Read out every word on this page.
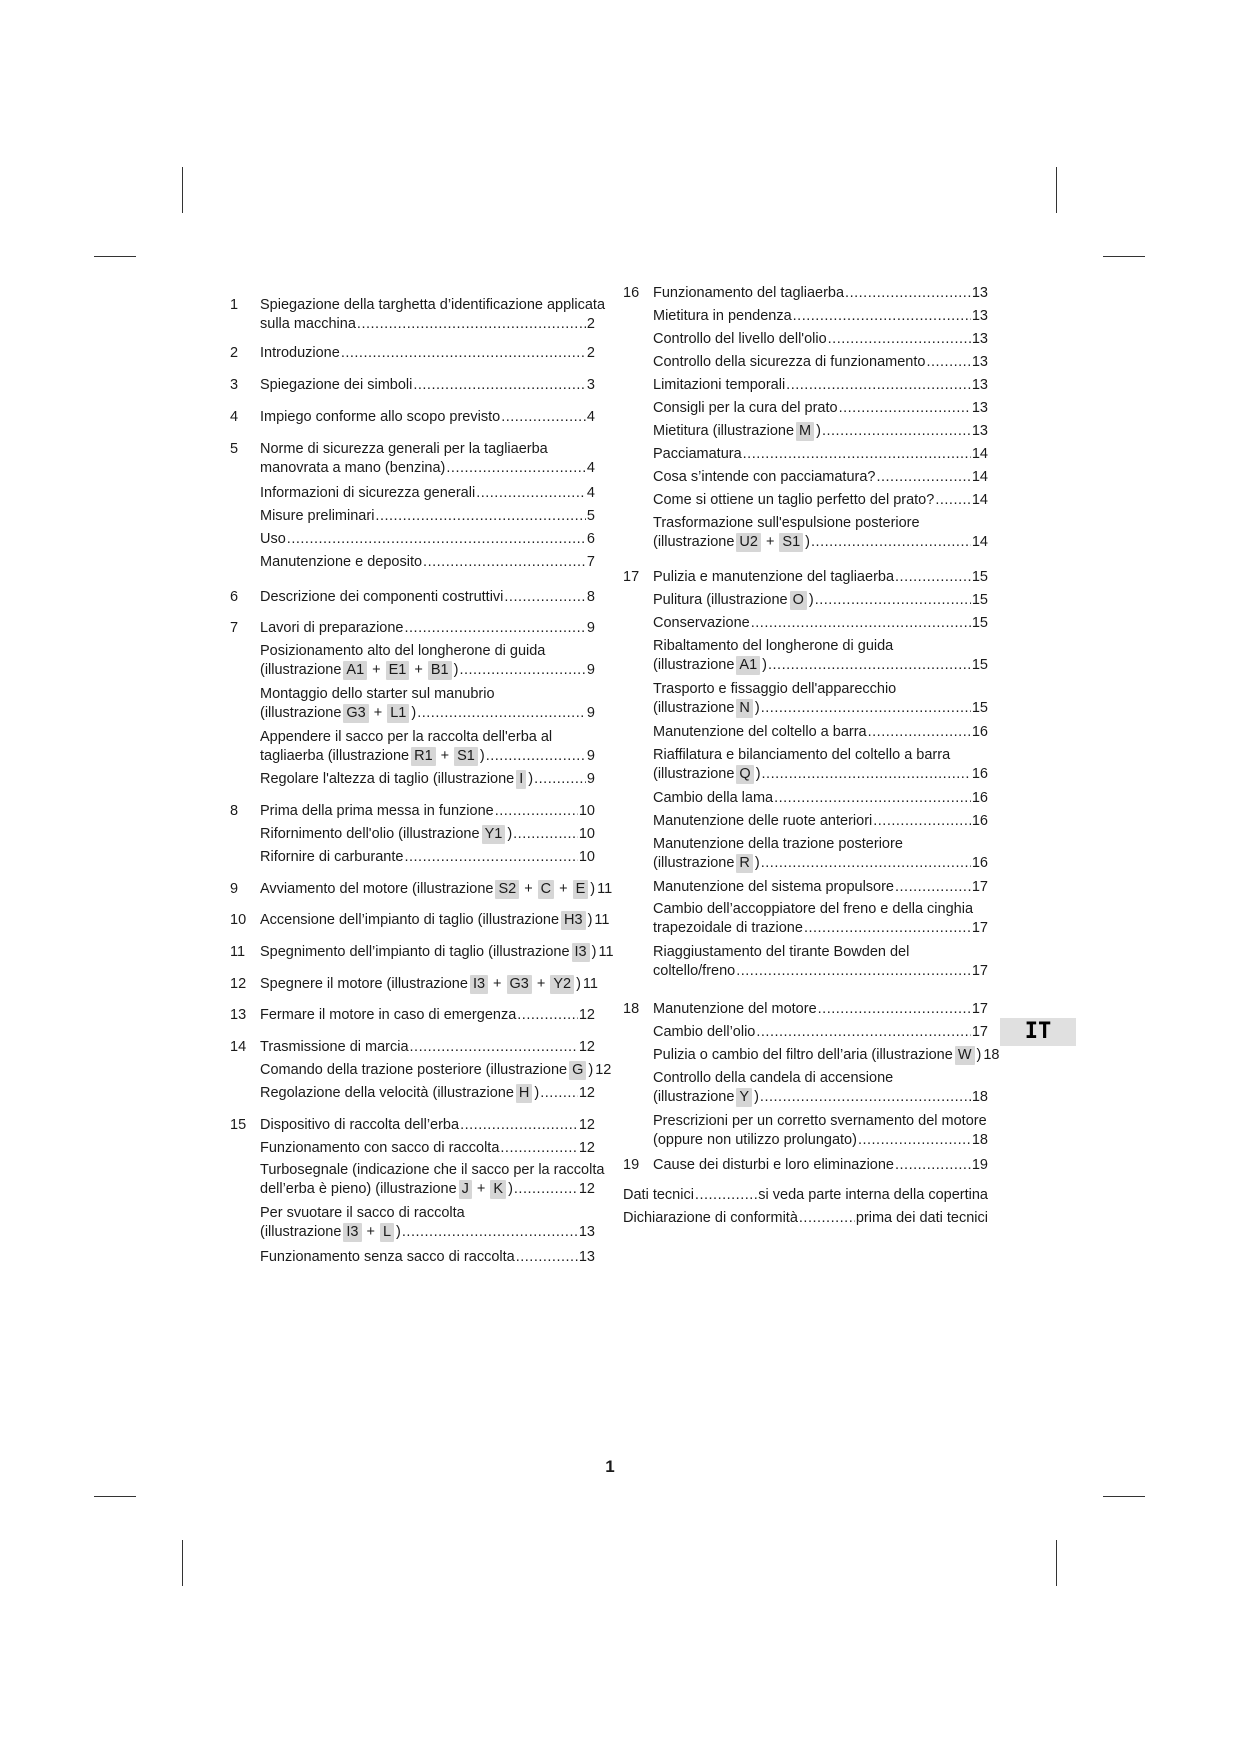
1	Spiegazione della targhetta d’identificazione applicata
sulla macchina .....	2
2	Introduzione .....	2
3	Spiegazione dei simboli .....	3
4	Impiego conforme allo scopo previsto .....	4
5	Norme di sicurezza generali per la tagliaerba
manovrata a mano (benzina) .....	4
Informazioni di sicurezza generali .....	4
Misure preliminari .....	5
Uso .....	6
Manutenzione e deposito .....	7
6	Descrizione dei componenti costruttivi .....	8
7	Lavori di preparazione .....	9
Posizionamento alto del longherone di guida
(illustrazione A1 + E1 + B1 ) .....	9
Montaggio dello starter sul manubrio
(illustrazione G3 + L1 ) .....	9
Appendere il sacco per la raccolta dell'erba al
tagliaerba (illustrazione R1 + S1 ) .....	9
Regolare l'altezza di taglio (illustrazione I ) .....	9
8	Prima della prima messa in funzione .....	10
Rifornimento dell'olio (illustrazione Y1 ) .....	10
Rifornire di carburante .....	10
9	Avviamento del motore (illustrazione S2 + C + E ) 11
10 Accensione dell’impianto di taglio (illustrazione H3 ) 11
11	Spegnimento dell’impianto di taglio (illustrazione I3 ) 11
12 Spegnere il motore (illustrazione I3 + G3 + Y2 ) 11
13 Fermare il motore in caso di emergenza .....	12
14 Trasmissione di marcia .....	12
Comando della trazione posteriore (illustrazione G ) 12
Regolazione della velocità (illustrazione H ) .....	12
15 Dispositivo di raccolta dell’erba .....	12
Funzionamento con sacco di raccolta .....	12
Turbosegnale (indicazione che il sacco per la raccolta
dell’erba è pieno) (illustrazione J + K ) .....	12
Per svuotare il sacco di raccolta
(illustrazione I3 + L ) .....	13
Funzionamento senza sacco di raccolta .....	13
16 Funzionamento del tagliaerba .....	13
Mietitura in pendenza .....	13
Controllo del livello dell'olio .....	13
Controllo della sicurezza di funzionamento .....	13
Limitazioni temporali .....	13
Consigli per la cura del prato .....	13
Mietitura (illustrazione M ) .....	13
Pacciamatura .....	14
Cosa s’intende con pacciamatura? .....	14
Come si ottiene un taglio perfetto del prato? .....	14
Trasformazione sull'espulsione posteriore
(illustrazione U2 + S1 ) .....	14
17 Pulizia e manutenzione del tagliaerba .....	15
Pulitura (illustrazione O ) .....	15
Conservazione .....	15
Ribaltamento del longherone di guida
(illustrazione A1 ) .....	15
Trasporto e fissaggio dell'apparecchio
(illustrazione N ) .....	15
Manutenzione del coltello a barra .....	16
Riaffilatura e bilanciamento del coltello a barra
(illustrazione Q ) .....	16
Cambio della lama .....	16
Manutenzione delle ruote anteriori .....	16
Manutenzione della trazione posteriore
(illustrazione R ) .....	16
Manutenzione del sistema propulsore .....	17
Cambio dell’accoppiatore del freno e della cinghia
trapezoidale di trazione .....	17
Riaggiustamento del tirante Bowden del
coltello/freno .....	17
18 Manutenzione del motore .....	17
Cambio dell’olio .....	17
Pulizia o cambio del filtro dell’aria (illustrazione W ) 18
Controllo della candela di accensione
(illustrazione Y ) .....	18
Prescrizioni per un corretto svernamento del motore
(oppure non utilizzo prolungato) .....	18
19 Cause dei disturbi e loro eliminazione .....	19
Dati tecnici .....	si veda parte interna della copertina
Dichiarazione di conformità .....	prima dei dati tecnici
IT
1
